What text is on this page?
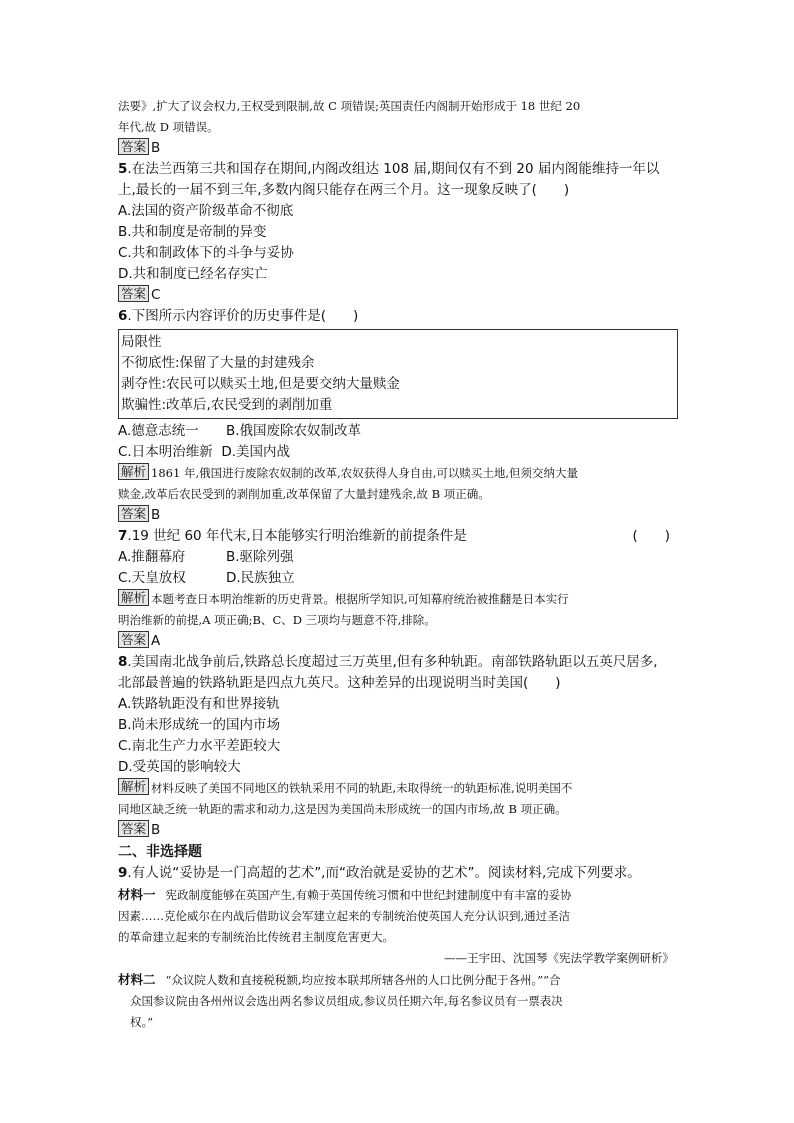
法要》,扩大了议会权力,王权受到限制,故 C 项错误;英国责任内阁制开始形成于 18 世纪 20
年代,故 D 项错误。
答案 B
5.在法兰西第三共和国存在期间,内阁改组达 108 届,期间仅有不到 20 届内阁能维持一年以
上,最长的一届不到三年,多数内阁只能存在两三个月。这一现象反映了(　　)
A.法国的资产阶级革命不彻底
B.共和制度是帝制的异变
C.共和制政体下的斗争与妥协
D.共和制度已经名存实亡
答案 C
6.下图所示内容评价的历史事件是(　　)
局限性
不彻底性:保留了大量的封建残余
剥夺性:农民可以赎买土地,但是要交纳大量赎金
欺骗性:改革后,农民受到的剥削加重
A.德意志统一 B.俄国废除农奴制改革
C.日本明治维新 D.美国内战
解析 1861 年,俄国进行废除农奴制的改革,农奴获得人身自由,可以赎买土地,但须交纳大量
赎金,改革后农民受到的剥削加重,改革保留了大量封建残余,故 B 项正确。
答案 B
7.19 世纪 60 年代末,日本能够实行明治维新的前提条件是	(　　)
A.推翻幕府	B.驱除列强
C.天皇放权	D.民族独立
解析 本题考查日本明治维新的历史背景。根据所学知识,可知幕府统治被推翻是日本实行
明治维新的前提,A 项正确;B、C、D 三项均与题意不符,排除。
答案 A
8.美国南北战争前后,铁路总长度超过三万英里,但有多种轨距。南部铁路轨距以五英尺居多,
北部最普遍的铁路轨距是四点九英尺。这种差异的出现说明当时美国(　　)
A.铁路轨距没有和世界接轨
B.尚未形成统一的国内市场
C.南北生产力水平差距较大
D.受英国的影响较大
解析 材料反映了美国不同地区的铁轨采用不同的轨距,未取得统一的轨距标准,说明美国不
同地区缺乏统一轨距的需求和动力,这是因为美国尚未形成统一的国内市场,故 B 项正确。
答案 B
二、非选择题
9.有人说“妥协是一门高超的艺术”,而“政治就是妥协的艺术”。阅读材料,完成下列要求。
材料一 宪政制度能够在英国产生,有赖于英国传统习惯和中世纪封建制度中有丰富的妥协
因素……克伦威尔在内战后借助议会军建立起来的专制统治使英国人充分认识到,通过圣洁
的革命建立起来的专制统治比传统君主制度危害更大。
——王宇田、沈国琴《宪法学教学案例研析》
材料二 “众议院人数和直接税税额,均应按本联邦所辖各州的人口比例分配于各州。”“合
众国参议院由各州州议会选出两名参议员组成,参议员任期六年,每名参议员有一票表决
权。”
